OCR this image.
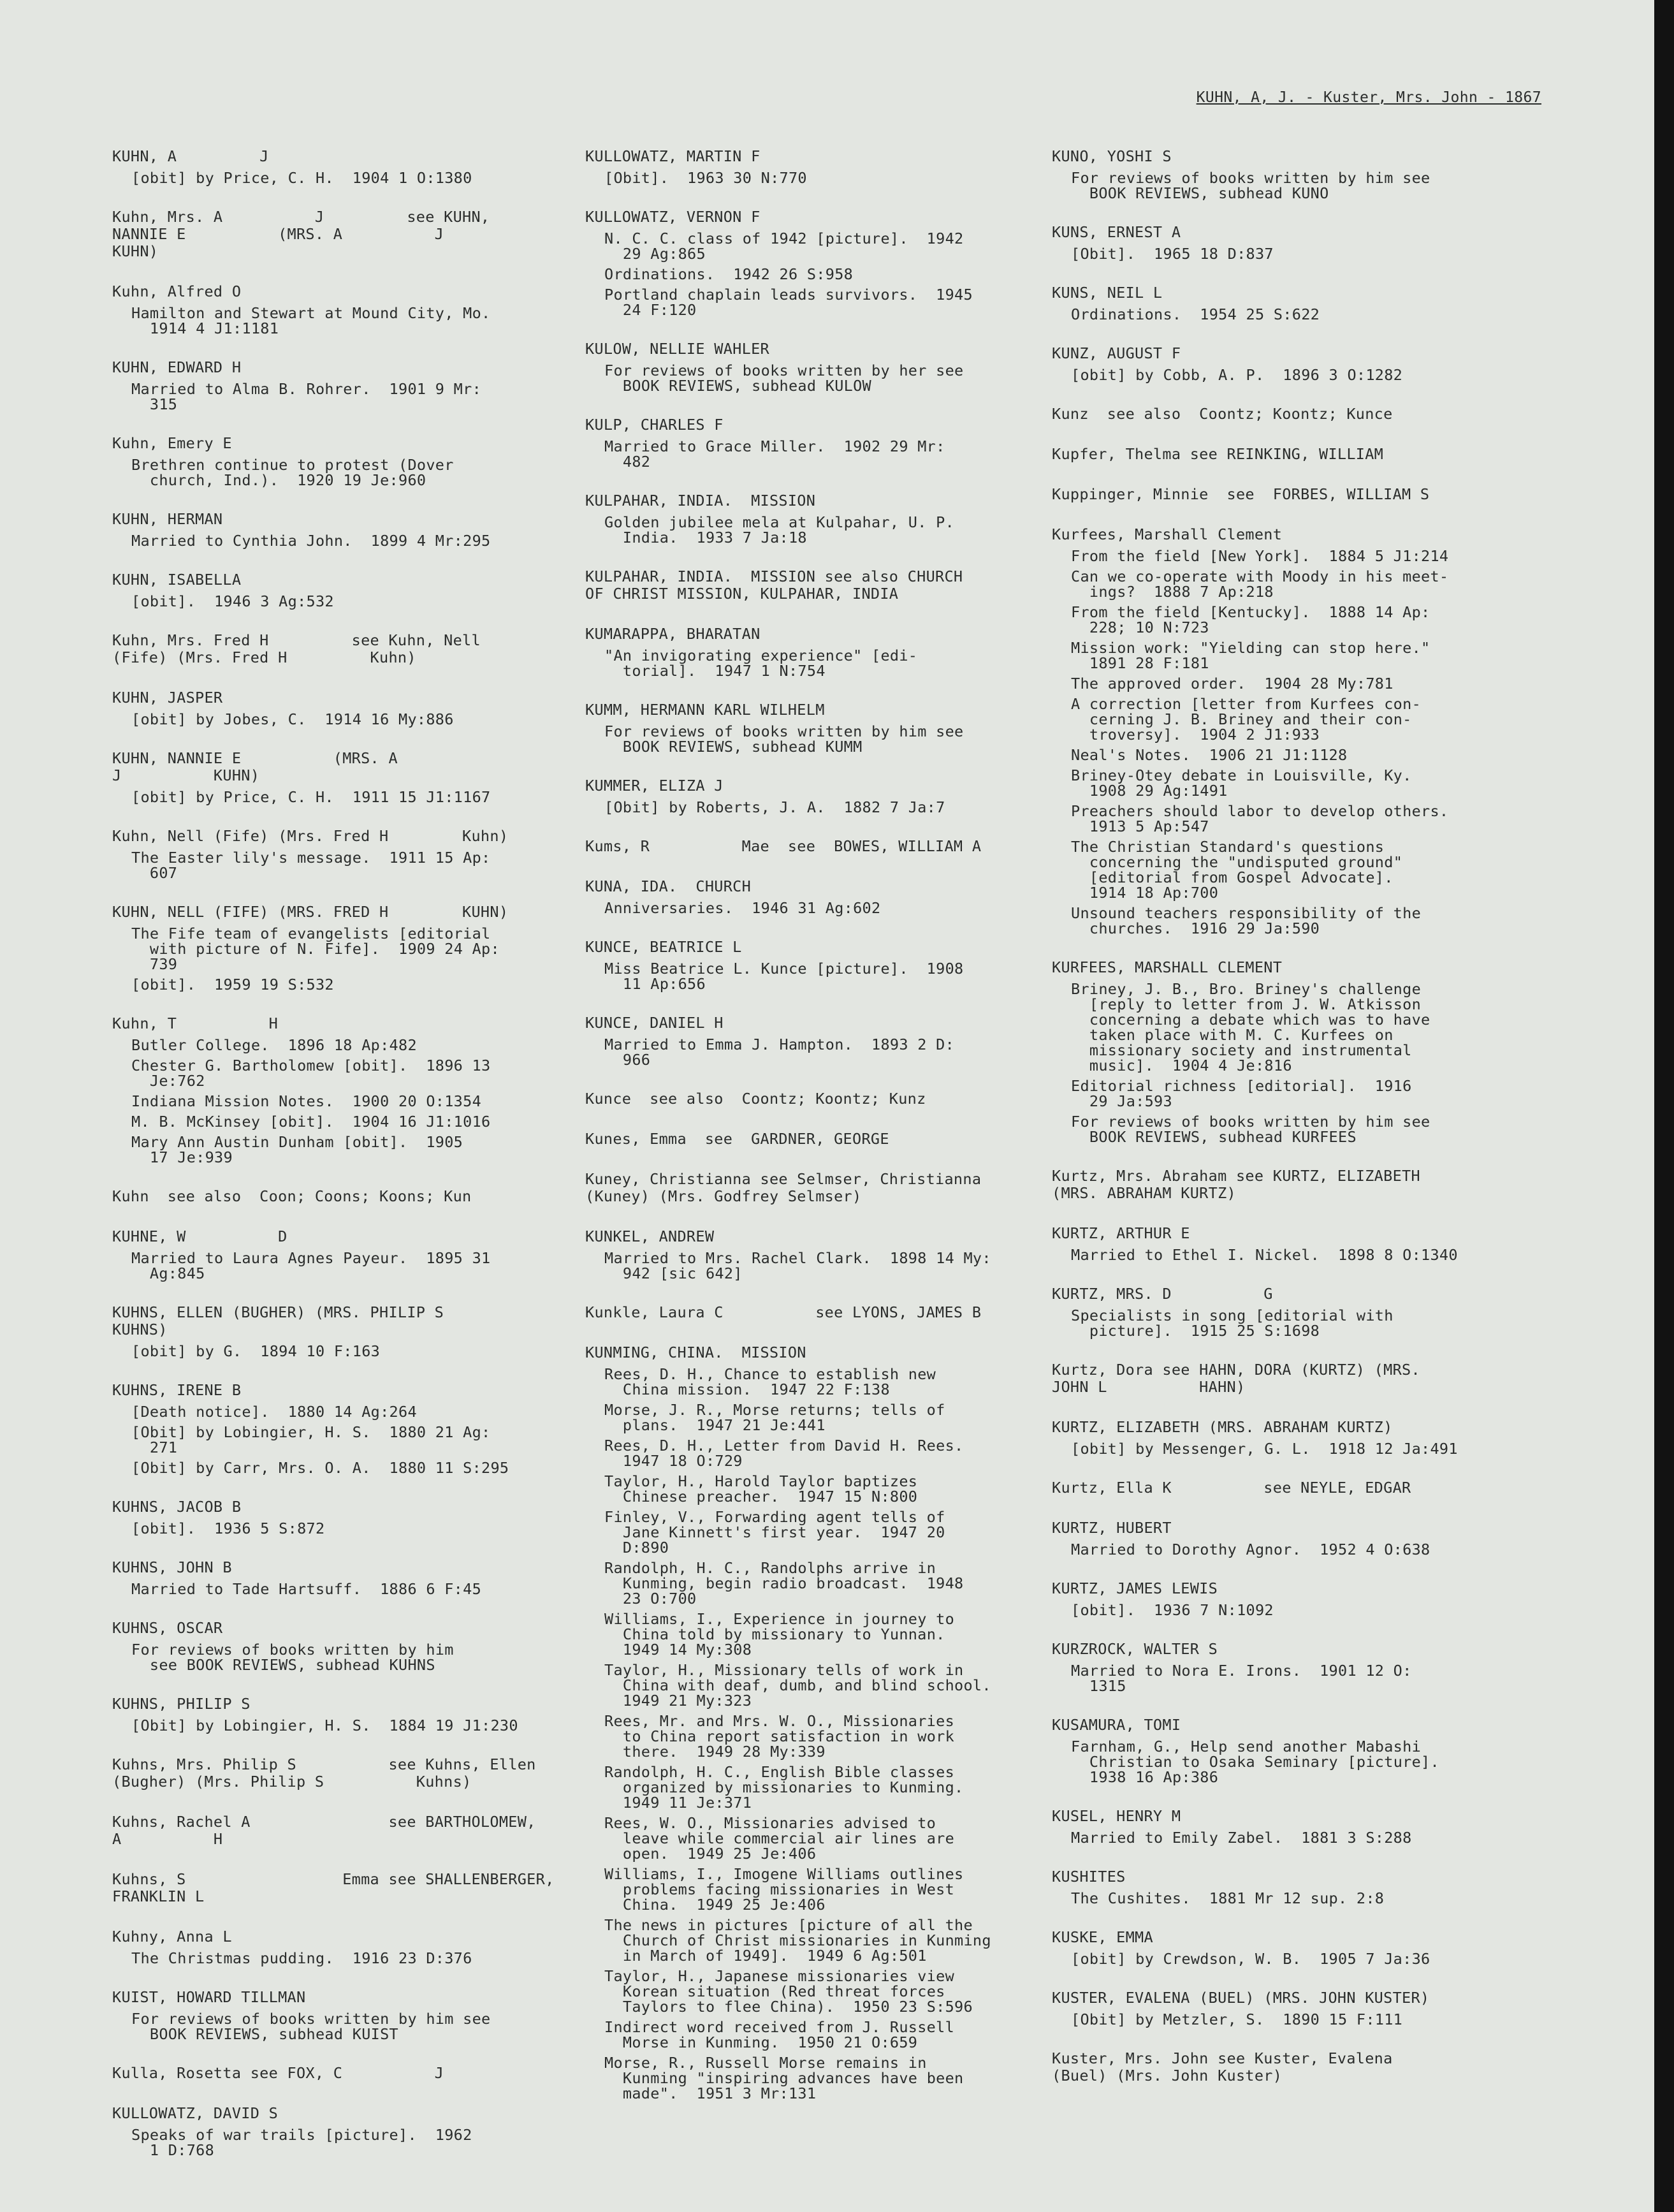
KUHN, A, J. - Kuster, Mrs. John - 1867
KUHN, A         J
[obit] by Price, C. H.  1904 1 O:1380
Kuhn, Mrs. A          J         see KUHN,
NANNIE E          (MRS. A          J
KUHN)
Kuhn, Alfred O
Hamilton and Stewart at Mound City, Mo.
1914 4 J1:1181
KUHN, EDWARD H
Married to Alma B. Rohrer.  1901 9 Mr:
315
Kuhn, Emery E
Brethren continue to protest (Dover
church, Ind.).  1920 19 Je:960
KUHN, HERMAN
Married to Cynthia John.  1899 4 Mr:295
KUHN, ISABELLA
[obit].  1946 3 Ag:532
Kuhn, Mrs. Fred H         see Kuhn, Nell
(Fife) (Mrs. Fred H         Kuhn)
KUHN, JASPER
[obit] by Jobes, C.  1914 16 My:886
KUHN, NANNIE E          (MRS. A
J          KUHN)
[obit] by Price, C. H.  1911 15 J1:1167
Kuhn, Nell (Fife) (Mrs. Fred H        Kuhn)
The Easter lily's message.  1911 15 Ap:
607
KUHN, NELL (FIFE) (MRS. FRED H        KUHN)
The Fife team of evangelists [editorial
with picture of N. Fife].  1909 24 Ap:
739
[obit].  1959 19 S:532
Kuhn, T          H
Butler College.  1896 18 Ap:482
Chester G. Bartholomew [obit].  1896 13
Je:762
Indiana Mission Notes.  1900 20 O:1354
M. B. McKinsey [obit].  1904 16 J1:1016
Mary Ann Austin Dunham [obit].  1905
17 Je:939
Kuhn  see also  Coon; Coons; Koons; Kun
KUHNE, W          D
Married to Laura Agnes Payeur.  1895 31
Ag:845
KUHNS, ELLEN (BUGHER) (MRS. PHILIP S
KUHNS)
[obit] by G.  1894 10 F:163
KUHNS, IRENE B
[Death notice].  1880 14 Ag:264
[Obit] by Lobingier, H. S.  1880 21 Ag:
271
[Obit] by Carr, Mrs. O. A.  1880 11 S:295
KUHNS, JACOB B
[obit].  1936 5 S:872
KUHNS, JOHN B
Married to Tade Hartsuff.  1886 6 F:45
KUHNS, OSCAR
For reviews of books written by him
see BOOK REVIEWS, subhead KUHNS
KUHNS, PHILIP S
[Obit] by Lobingier, H. S.  1884 19 J1:230
Kuhns, Mrs. Philip S          see Kuhns, Ellen
(Bugher) (Mrs. Philip S          Kuhns)
Kuhns, Rachel A               see BARTHOLOMEW,
A          H
Kuhns, S                 Emma see SHALLENBERGER,
FRANKLIN L
Kuhny, Anna L
The Christmas pudding.  1916 23 D:376
KUIST, HOWARD TILLMAN
For reviews of books written by him see
BOOK REVIEWS, subhead KUIST
Kulla, Rosetta see FOX, C          J
KULLOWATZ, DAVID S
Speaks of war trails [picture].  1962
1 D:768
KULLOWATZ, MARTIN F
[Obit].  1963 30 N:770
KULLOWATZ, VERNON F
N. C. C. class of 1942 [picture].  1942
29 Ag:865
Ordinations.  1942 26 S:958
Portland chaplain leads survivors.  1945
24 F:120
KULOW, NELLIE WAHLER
For reviews of books written by her see
BOOK REVIEWS, subhead KULOW
KULP, CHARLES F
Married to Grace Miller.  1902 29 Mr:
482
KULPAHAR, INDIA.  MISSION
Golden jubilee mela at Kulpahar, U. P.
India.  1933 7 Ja:18
KULPAHAR, INDIA.  MISSION see also CHURCH
OF CHRIST MISSION, KULPAHAR, INDIA
KUMARAPPA, BHARATAN
"An invigorating experience" [edi-
torial].  1947 1 N:754
KUMM, HERMANN KARL WILHELM
For reviews of books written by him see
BOOK REVIEWS, subhead KUMM
KUMMER, ELIZA J
[Obit] by Roberts, J. A.  1882 7 Ja:7
Kums, R          Mae  see  BOWES, WILLIAM A
KUNA, IDA.  CHURCH
Anniversaries.  1946 31 Ag:602
KUNCE, BEATRICE L
Miss Beatrice L. Kunce [picture].  1908
11 Ap:656
KUNCE, DANIEL H
Married to Emma J. Hampton.  1893 2 D:
966
Kunce  see also  Coontz; Koontz; Kunz
Kunes, Emma  see  GARDNER, GEORGE
Kuney, Christianna see Selmser, Christianna
(Kuney) (Mrs. Godfrey Selmser)
KUNKEL, ANDREW
Married to Mrs. Rachel Clark.  1898 14 My:
942 [sic 642]
Kunkle, Laura C          see LYONS, JAMES B
KUNMING, CHINA.  MISSION
Rees, D. H., Chance to establish new
China mission.  1947 22 F:138
Morse, J. R., Morse returns; tells of
plans.  1947 21 Je:441
Rees, D. H., Letter from David H. Rees.
1947 18 O:729
Taylor, H., Harold Taylor baptizes
Chinese preacher.  1947 15 N:800
Finley, V., Forwarding agent tells of
Jane Kinnett's first year.  1947 20
D:890
Randolph, H. C., Randolphs arrive in
Kunming, begin radio broadcast.  1948
23 O:700
Williams, I., Experience in journey to
China told by missionary to Yunnan.
1949 14 My:308
Taylor, H., Missionary tells of work in
China with deaf, dumb, and blind school.
1949 21 My:323
Rees, Mr. and Mrs. W. O., Missionaries
to China report satisfaction in work
there.  1949 28 My:339
Randolph, H. C., English Bible classes
organized by missionaries to Kunming.
1949 11 Je:371
Rees, W. O., Missionaries advised to
leave while commercial air lines are
open.  1949 25 Je:406
Williams, I., Imogene Williams outlines
problems facing missionaries in West
China.  1949 25 Je:406
The news in pictures [picture of all the
Church of Christ missionaries in Kunming
in March of 1949].  1949 6 Ag:501
Taylor, H., Japanese missionaries view
Korean situation (Red threat forces
Taylors to flee China).  1950 23 S:596
Indirect word received from J. Russell
Morse in Kunming.  1950 21 O:659
Morse, R., Russell Morse remains in
Kunming "inspiring advances have been
made".  1951 3 Mr:131
KUNO, YOSHI S
For reviews of books written by him see
BOOK REVIEWS, subhead KUNO
KUNS, ERNEST A
[Obit].  1965 18 D:837
KUNS, NEIL L
Ordinations.  1954 25 S:622
KUNZ, AUGUST F
[obit] by Cobb, A. P.  1896 3 O:1282
Kunz  see also  Coontz; Koontz; Kunce
Kupfer, Thelma see REINKING, WILLIAM
Kuppinger, Minnie  see  FORBES, WILLIAM S
Kurfees, Marshall Clement
From the field [New York].  1884 5 J1:214
Can we co-operate with Moody in his meet-
ings?  1888 7 Ap:218
From the field [Kentucky].  1888 14 Ap:
228; 10 N:723
Mission work: "Yielding can stop here."
1891 28 F:181
The approved order.  1904 28 My:781
A correction [letter from Kurfees con-
cerning J. B. Briney and their con-
troversy].  1904 2 J1:933
Neal's Notes.  1906 21 J1:1128
Briney-Otey debate in Louisville, Ky.
1908 29 Ag:1491
Preachers should labor to develop others.
1913 5 Ap:547
The Christian Standard's questions
concerning the "undisputed ground"
[editorial from Gospel Advocate].
1914 18 Ap:700
Unsound teachers responsibility of the
churches.  1916 29 Ja:590
KURFEES, MARSHALL CLEMENT
Briney, J. B., Bro. Briney's challenge
[reply to letter from J. W. Atkisson
concerning a debate which was to have
taken place with M. C. Kurfees on
missionary society and instrumental
music].  1904 4 Je:816
Editorial richness [editorial].  1916
29 Ja:593
For reviews of books written by him see
BOOK REVIEWS, subhead KURFEES
Kurtz, Mrs. Abraham see KURTZ, ELIZABETH
(MRS. ABRAHAM KURTZ)
KURTZ, ARTHUR E
Married to Ethel I. Nickel.  1898 8 O:1340
KURTZ, MRS. D          G
Specialists in song [editorial with
picture].  1915 25 S:1698
Kurtz, Dora see HAHN, DORA (KURTZ) (MRS.
JOHN L          HAHN)
KURTZ, ELIZABETH (MRS. ABRAHAM KURTZ)
[obit] by Messenger, G. L.  1918 12 Ja:491
Kurtz, Ella K          see NEYLE, EDGAR
KURTZ, HUBERT
Married to Dorothy Agnor.  1952 4 O:638
KURTZ, JAMES LEWIS
[obit].  1936 7 N:1092
KURZROCK, WALTER S
Married to Nora E. Irons.  1901 12 O:
1315
KUSAMURA, TOMI
Farnham, G., Help send another Mabashi
Christian to Osaka Seminary [picture].
1938 16 Ap:386
KUSEL, HENRY M
Married to Emily Zabel.  1881 3 S:288
KUSHITES
The Cushites.  1881 Mr 12 sup. 2:8
KUSKE, EMMA
[obit] by Crewdson, W. B.  1905 7 Ja:36
KUSTER, EVALENA (BUEL) (MRS. JOHN KUSTER)
[Obit] by Metzler, S.  1890 15 F:111
Kuster, Mrs. John see Kuster, Evalena
(Buel) (Mrs. John Kuster)
